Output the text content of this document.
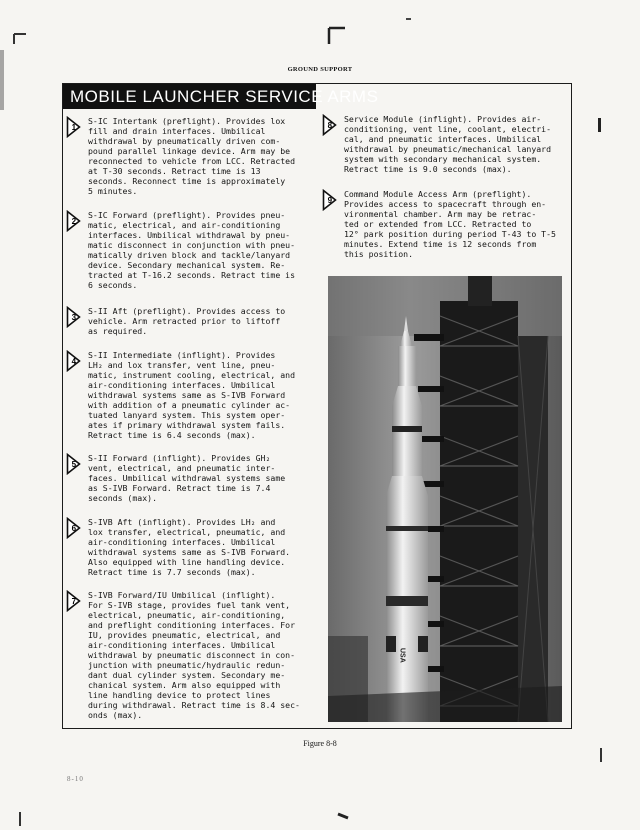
GROUND SUPPORT
MOBILE LAUNCHER SERVICE ARMS
1
S-IC Intertank (preflight). Provides lox
fill and drain interfaces. Umbilical
withdrawal by pneumatically driven com-
pound parallel linkage device. Arm may be
reconnected to vehicle from LCC. Retracted
at T-30 seconds. Retract time is 13
seconds. Reconnect time is approximately
5 minutes.
2
S-IC Forward (preflight). Provides pneu-
matic, electrical, and air-conditioning
interfaces. Umbilical withdrawal by pneu-
matic disconnect in conjunction with pneu-
matically driven block and tackle/lanyard
device. Secondary mechanical system. Re-
tracted at T-16.2 seconds. Retract time is
6 seconds.
3
S-II Aft (preflight). Provides access to
vehicle. Arm retracted prior to liftoff
as required.
4
S-II Intermediate (inflight). Provides
LH₂ and lox transfer, vent line, pneu-
matic, instrument cooling, electrical, and
air-conditioning interfaces. Umbilical
withdrawal systems same as S-IVB Forward
with addition of a pneumatic cylinder ac-
tuated lanyard system. This system oper-
ates if primary withdrawal system fails.
Retract time is 6.4 seconds (max).
5
S-II Forward (inflight). Provides GH₂
vent, electrical, and pneumatic inter-
faces. Umbilical withdrawal systems same
as S-IVB Forward. Retract time is 7.4
seconds (max).
6
S-IVB Aft (inflight). Provides LH₂ and
lox transfer, electrical, pneumatic, and
air-conditioning interfaces. Umbilical
withdrawal systems same as S-IVB Forward.
Also equipped with line handling device.
Retract time is 7.7 seconds (max).
7
S-IVB Forward/IU Umbilical (inflight).
For S-IVB stage, provides fuel tank vent,
electrical, pneumatic, air-conditioning,
and preflight conditioning interfaces. For
IU, provides pneumatic, electrical, and
air-conditioning interfaces. Umbilical
withdrawal by pneumatic disconnect in con-
junction with pneumatic/hydraulic redun-
dant dual cylinder system. Secondary me-
chanical system. Arm also equipped with
line handling device to protect lines
during withdrawal. Retract time is 8.4 sec-
onds (max).
8
Service Module (inflight). Provides air-
conditioning, vent line, coolant, electri-
cal, and pneumatic interfaces. Umbilical
withdrawal by pneumatic/mechanical lanyard
system with secondary mechanical system.
Retract time is 9.0 seconds (max).
9
Command Module Access Arm (preflight).
Provides access to spacecraft through en-
vironmental chamber. Arm may be retrac-
ted or extended from LCC. Retracted to
12° park position during period T-43 to T-5
minutes. Extend time is 12 seconds from
this position.
USA
Figure 8-8
8-10
